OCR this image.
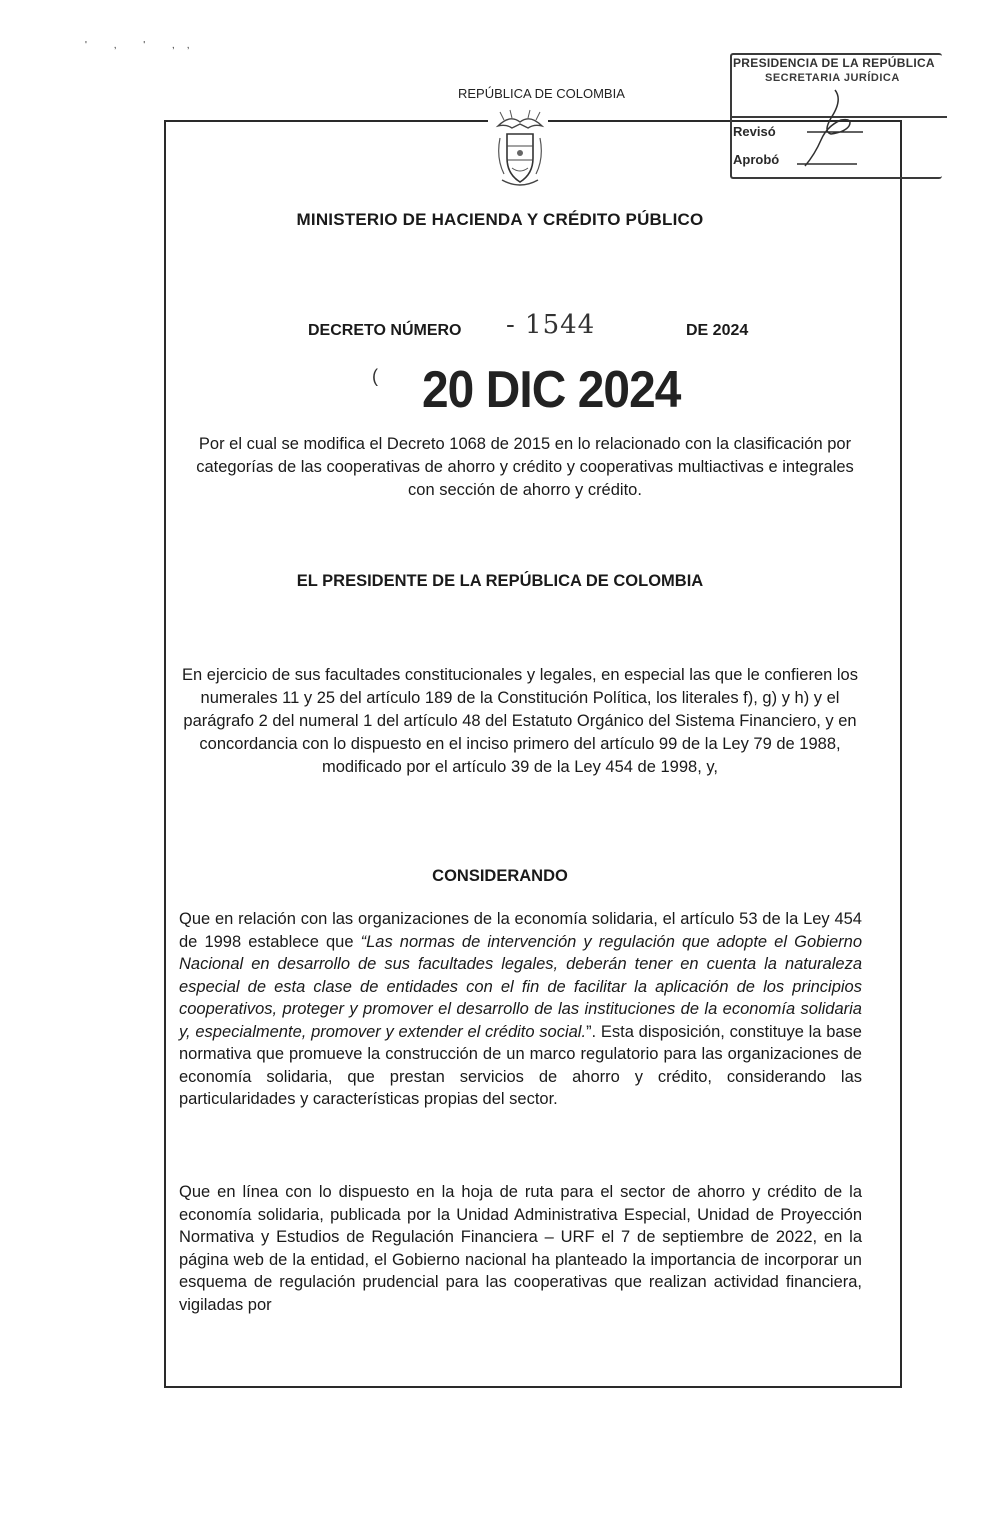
' , ' ,,
REPÚBLICA DE COLOMBIA
PRESIDENCIA DE LA REPÚBLICA
SECRETARIA JURÍDICA
Revisó
Aprobó
MINISTERIO DE HACIENDA Y CRÉDITO PÚBLICO
DECRETO NÚMERO - 1544	DE 2024
( 20 DIC 2024
Por el cual se modifica el Decreto 1068 de 2015 en lo relacionado con la clasificación por categorías de las cooperativas de ahorro y crédito y cooperativas multiactivas e integrales con sección de ahorro y crédito.
EL PRESIDENTE DE LA REPÚBLICA DE COLOMBIA
En ejercicio de sus facultades constitucionales y legales, en especial las que le confieren los numerales 11 y 25 del artículo 189 de la Constitución Política, los literales f), g) y h) y el parágrafo 2 del numeral 1 del artículo 48 del Estatuto Orgánico del Sistema Financiero, y en concordancia con lo dispuesto en el inciso primero del artículo 99 de la Ley 79 de 1988, modificado por el artículo 39 de la Ley 454 de 1998, y,
CONSIDERANDO
Que en relación con las organizaciones de la economía solidaria, el artículo 53 de la Ley 454 de 1998 establece que “Las normas de intervención y regulación que adopte el Gobierno Nacional en desarrollo de sus facultades legales, deberán tener en cuenta la naturaleza especial de esta clase de entidades con el fin de facilitar la aplicación de los principios cooperativos, proteger y promover el desarrollo de las instituciones de la economía solidaria y, especialmente, promover y extender el crédito social.”. Esta disposición, constituye la base normativa que promueve la construcción de un marco regulatorio para las organizaciones de economía solidaria, que prestan servicios de ahorro y crédito, considerando las particularidades y características propias del sector.
Que en línea con lo dispuesto en la hoja de ruta para el sector de ahorro y crédito de la economía solidaria, publicada por la Unidad Administrativa Especial, Unidad de Proyección Normativa y Estudios de Regulación Financiera – URF el 7 de septiembre de 2022, en la página web de la entidad, el Gobierno nacional ha planteado la importancia de incorporar un esquema de regulación prudencial para las cooperativas que realizan actividad financiera, vigiladas por
